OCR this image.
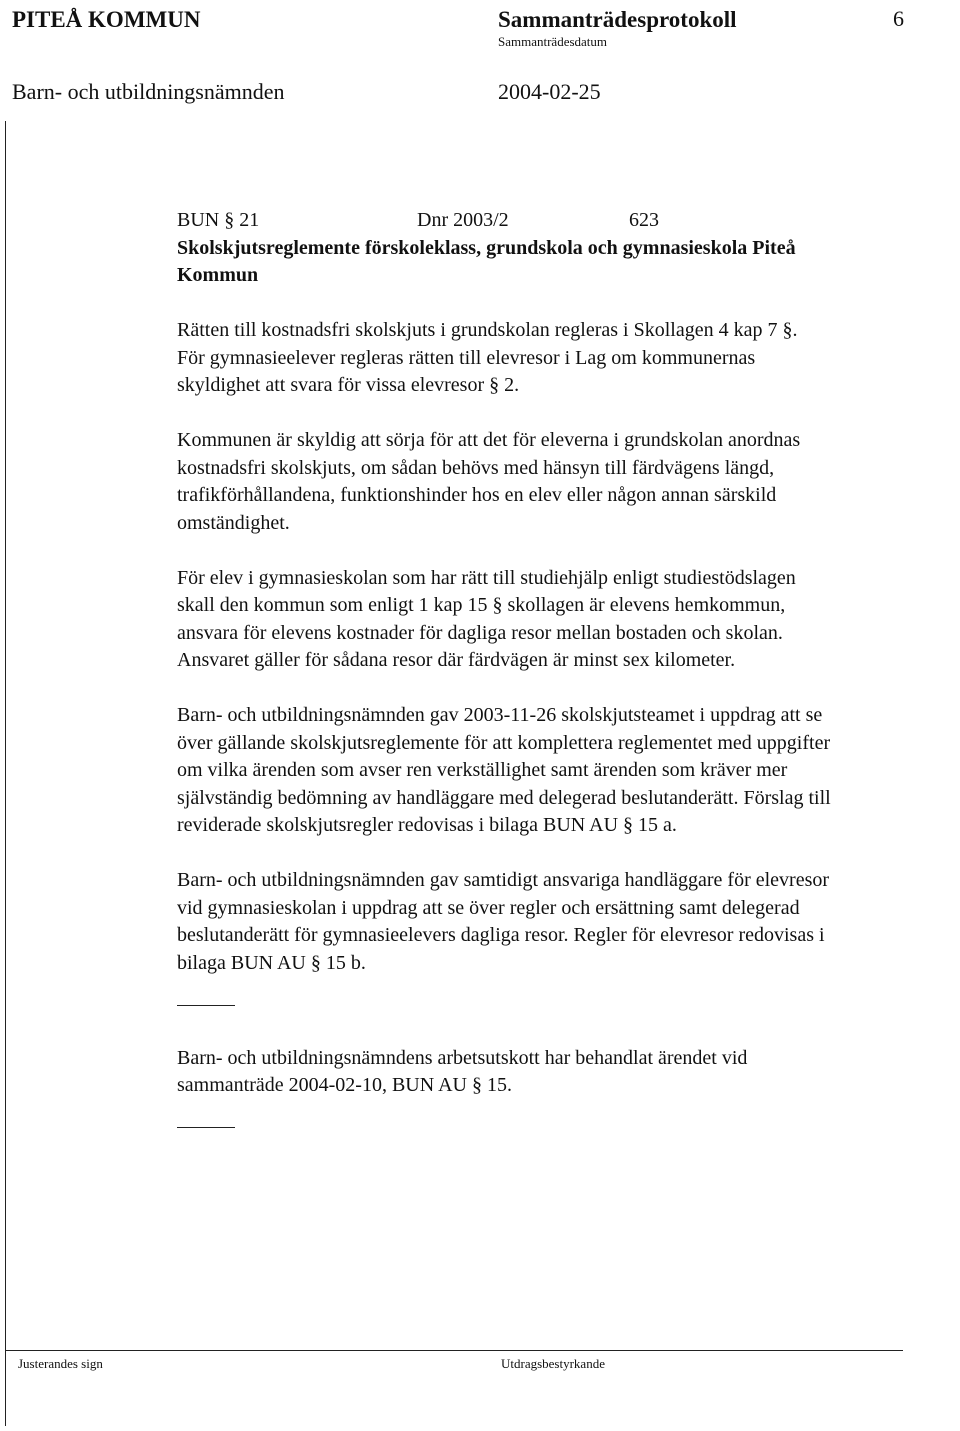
PITEÅ KOMMUN	Sammanträdesprotokoll	6
Sammanträdesdatum
Barn- och utbildningsnämnden	2004-02-25
BUN § 21	Dnr 2003/2	623
Skolskjutsreglemente förskoleklass, grundskola och gymnasieskola Piteå
Kommun

Rätten till kostnadsfri skolskjuts i grundskolan regleras i Skollagen 4 kap 7 §.
För gymnasieelever regleras rätten till elevresor i Lag om kommunernas
skyldighet att svara för vissa elevresor § 2.

Kommunen är skyldig att sörja för att det för eleverna i grundskolan anordnas
kostnadsfri skolskjuts, om sådan behövs med hänsyn till färdvägens längd,
trafikförhållandena, funktionshinder hos en elev eller någon annan särskild
omständighet.

För elev i gymnasieskolan som har rätt till studiehjälp enligt studiestödslagen
skall den kommun som enligt 1 kap 15 § skollagen är elevens hemkommun,
ansvara för elevens kostnader för dagliga resor mellan bostaden och skolan.
Ansvaret gäller för sådana resor där färdvägen är minst sex kilometer.

Barn- och utbildningsnämnden gav 2003-11-26 skolskjutsteamet i uppdrag att se
över gällande skolskjutsreglemente för att komplettera reglementet med uppgifter
om vilka ärenden som avser ren verkställighet samt ärenden som kräver mer
självständig bedömning av handläggare med delegerad beslutanderätt. Förslag till
reviderade skolskjutsregler redovisas i bilaga BUN AU § 15 a.

Barn- och utbildningsnämnden gav samtidigt ansvariga handläggare för elevresor
vid gymnasieskolan i uppdrag att se över regler och ersättning samt delegerad
beslutanderätt för gymnasieelevers dagliga resor. Regler för elevresor redovisas i
bilaga BUN AU § 15 b.

Barn- och utbildningsnämndens arbetsutskott har behandlat ärendet vid
sammanträde 2004-02-10, BUN AU § 15.

Justerandes sign	Utdragsbestyrkande
